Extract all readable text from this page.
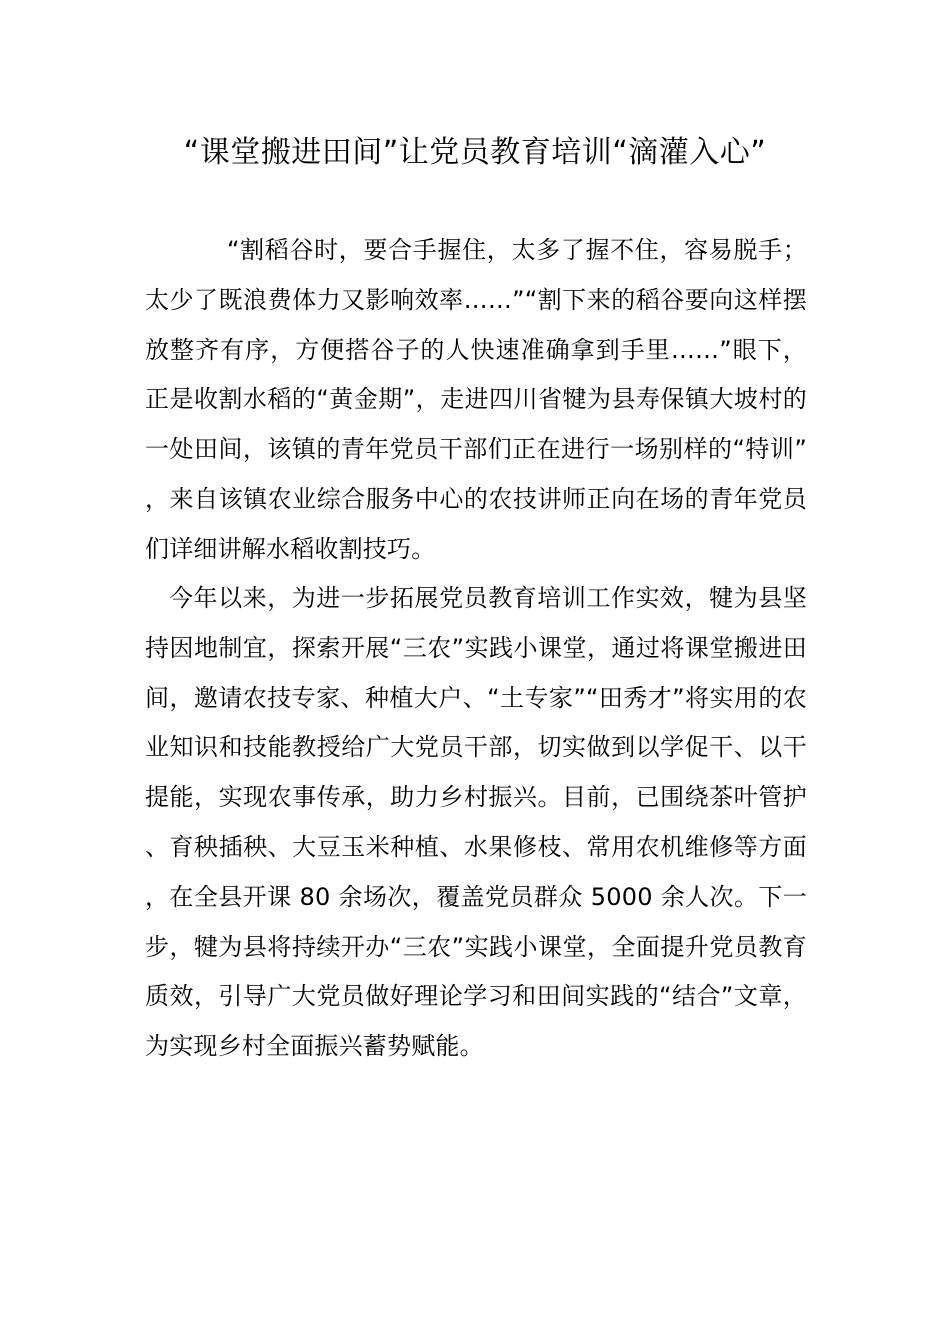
“课堂搬进田间”让党员教育培训“滴灌入心”

“割稻谷时，要合手握住，太多了握不住，容易脱手；太少了既浪费体力又影响效率……”“割下来的稻谷要向这样摆放整齐有序，方便搭谷子的人快速准确拿到手里……”眼下，正是收割水稻的“黄金期”，走进四川省犍为县寿保镇大坡村的一处田间，该镇的青年党员干部们正在进行一场别样的“特训”，来自该镇农业综合服务中心的农技讲师正向在场的青年党员们详细讲解水稻收割技巧。

今年以来，为进一步拓展党员教育培训工作实效，犍为县坚持因地制宜，探索开展“三农”实践小课堂，通过将课堂搬进田间，邀请农技专家、种植大户、“土专家”“田秀才”将实用的农业知识和技能教授给广大党员干部，切实做到以学促干、以干提能，实现农事传承，助力乡村振兴。目前，已围绕茶叶管护、育秧插秧、大豆玉米种植、水果修枝、常用农机维修等方面，在全县开课 80 余场次，覆盖党员群众 5000 余人次。下一步，犍为县将持续开办“三农”实践小课堂，全面提升党员教育质效，引导广大党员做好理论学习和田间实践的“结合”文章，为实现乡村全面振兴蓄势赋能。
